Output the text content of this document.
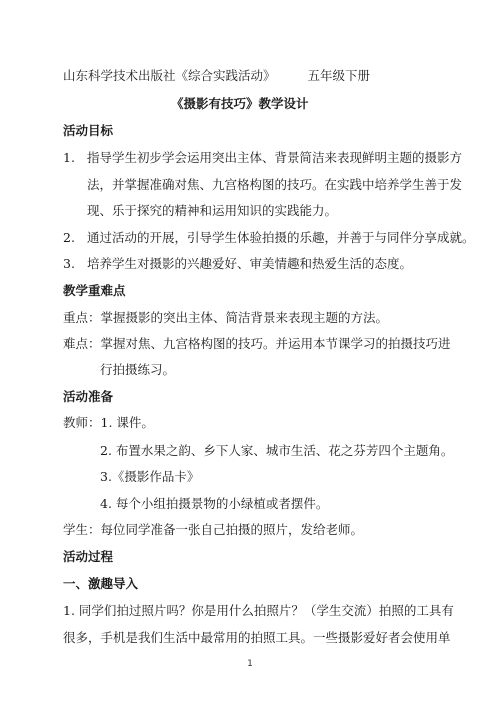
山东科学技术出版社《综合实践活动》	五年级下册
《摄影有技巧》教学设计
活动目标
1. 指导学生初步学会运用突出主体、背景简洁来表现鲜明主题的摄影方
法，并掌握准确对焦、九宫格构图的技巧。在实践中培养学生善于发
现、乐于探究的精神和运用知识的实践能力。
2. 通过活动的开展，引导学生体验拍摄的乐趣，并善于与同伴分享成就。
3. 培养学生对摄影的兴趣爱好、审美情趣和热爱生活的态度。
教学重难点
重点：掌握摄影的突出主体、简洁背景来表现主题的方法。
难点：掌握对焦、九宫格构图的技巧。并运用本节课学习的拍摄技巧进
行拍摄练习。
活动准备
教师：1. 课件。
2. 布置水果之韵、乡下人家、城市生活、花之芬芳四个主题角。
3.《摄影作品卡》
4. 每个小组拍摄景物的小绿植或者摆件。
学生：每位同学准备一张自己拍摄的照片，发给老师。
活动过程
一、激趣导入
1. 同学们拍过照片吗？你是用什么拍照片？（学生交流）拍照的工具有
很多，手机是我们生活中最常用的拍照工具。一些摄影爱好者会使用单
1
